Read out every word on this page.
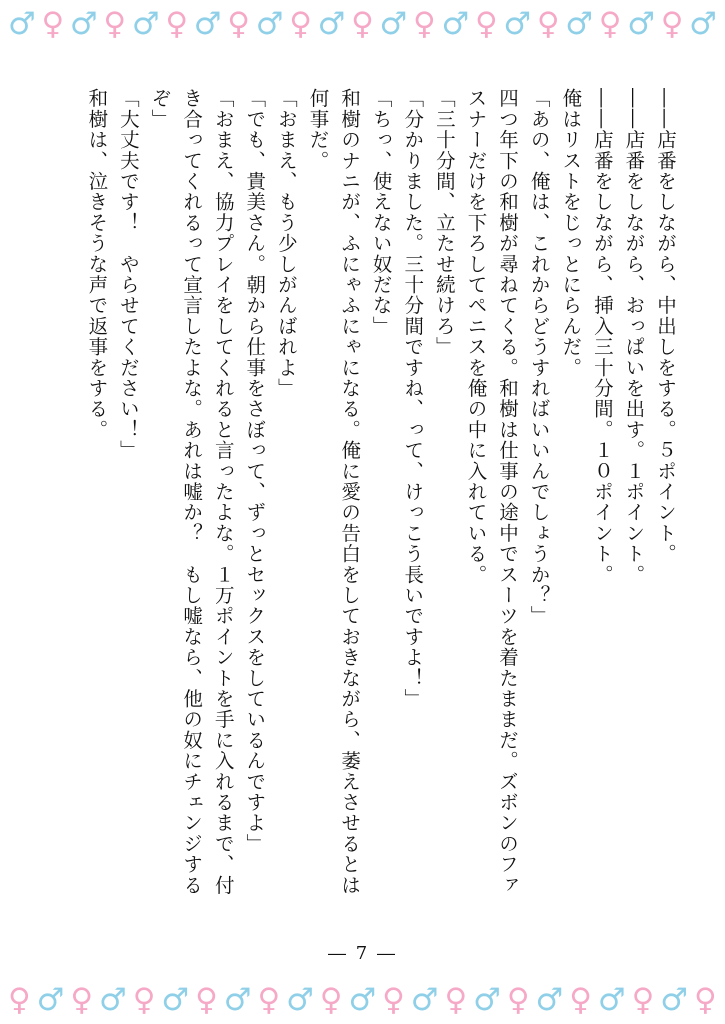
♂ ♀ ♂ ♀ ♂ ♀ ♂ ♀ ♂ ♀ ♂ ♀ ♂ ♀ ♂ ♀ ♂ ♀ ♂ ♀ ♂ ♀ ♂

――店番をしながら、中出しをする。５ポイント。

――店番をしながら、おっぱいを出す。１ポイント。

――店番をしながら、挿入三十分間。１０ポイント。

俺はリストをじっとにらんだ。

「あの、俺は、これからどうすればいいんでしょうか？」

四つ年下の和樹が尋ねてくる。和樹は仕事の途中でスーツを着たままだ。ズボンのファスナーだけを下ろしてペニスを俺の中に入れている。

「三十分間、立たせ続けろ」

「分かりました。三十分間ですね、って、けっこう長いですよ！」

「ちっ、使えない奴だな」

和樹のナニが、ふにゃふにゃになる。俺に愛の告白をしておきながら、萎えさせるとは何事だ。

「おまえ、もう少しがんばれよ」

「でも、貴美さん。朝から仕事をさぼって、ずっとセックスをしているんですよ」

「おまえ、協力プレイをしてくれると言ったよな。１万ポイントを手に入れるまで、付き合ってくれるって宣言したよな。あれは嘘か？　もし嘘なら、他の奴にチェンジするぞ」

「大丈夫です！　やらせてください！」

和樹は、泣きそうな声で返事をする。

― 7 ―
♀ ♂ ♀ ♂ ♀ ♂ ♀ ♂ ♀ ♂ ♀ ♂ ♀ ♂ ♀ ♂ ♀ ♂ ♀ ♂ ♀ ♂ ♀
